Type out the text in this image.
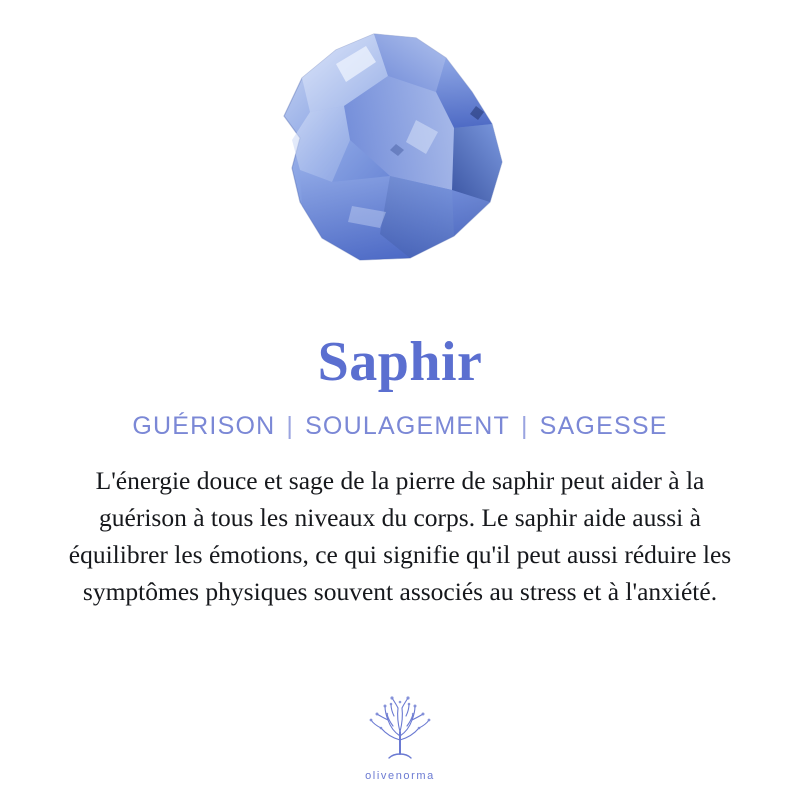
Saphir
GUÉRISON | SOULAGEMENT | SAGESSE

L'énergie douce et sage de la pierre de saphir peut aider à la guérison à tous les niveaux du corps. Le saphir aide aussi à équilibrer les émotions, ce qui signifie qu'il peut aussi réduire les symptômes physiques souvent associés au stress et à l'anxiété.

olivenorma
